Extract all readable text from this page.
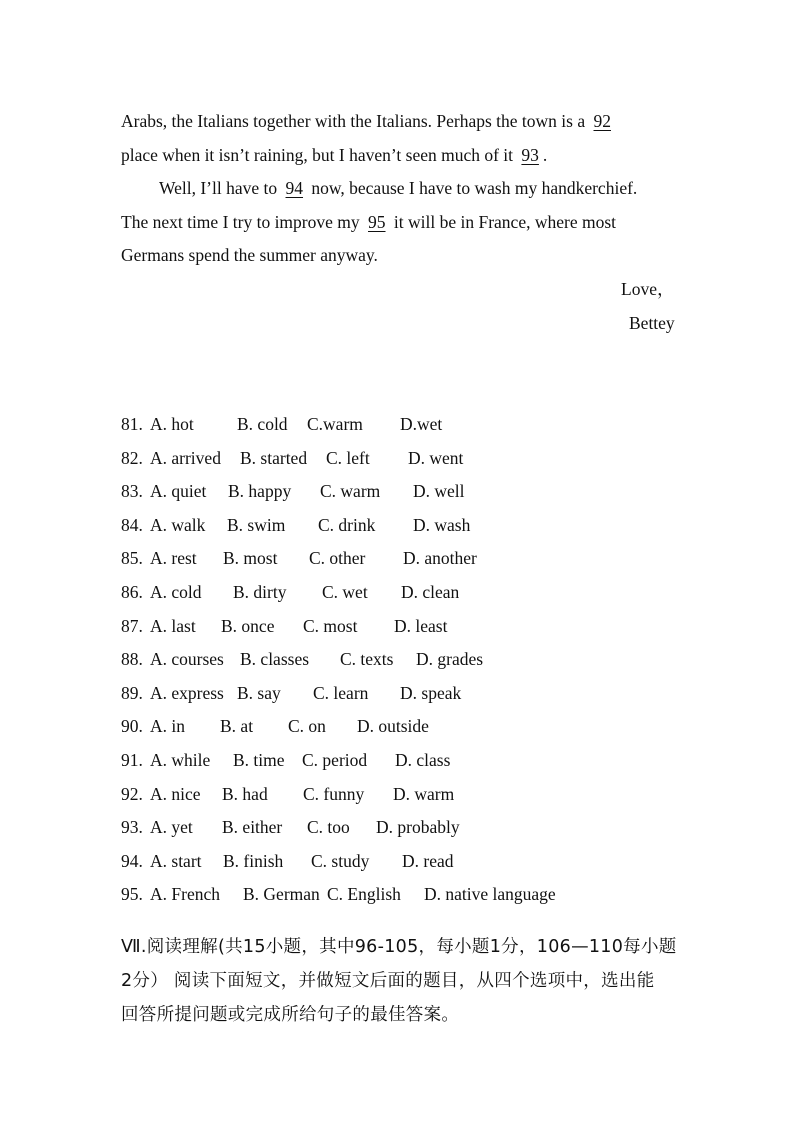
Arabs, the Italians together with the Italians. Perhaps the town is a 92
place when it isn’t raining, but I haven’t seen much of it 93 .
Well, I’ll have to 94 now, because I have to wash my handkerchief.
The next time I try to improve my 95 it will be in France, where most
Germans spend the summer anyway.
Love，
Bettey
81. A. hot B. cold C.warm D.wet
82. A. arrived B. started C. left D. went
83. A. quiet B. happy C. warm D. well
84. A. walk B. swim C. drink D. wash
85. A. rest B. most C. other D. another
86. A. cold B. dirty C. wet D. clean
87. A. last B. once C. most D. least
88. A. courses B. classes C. texts D. grades
89. A. express B. say C. learn D. speak
90. A. in B. at C. on D. outside
91. A. while B. time C. period D. class
92. A. nice B. had C. funny D. warm
93. A. yet B. either C. too D. probably
94. A. start B. finish C. study D. read
95. A. French B. German C. English D. native language
Ⅶ.阅读理解(共15小题，其中96-105，每小题1分，106—110每小题
2分） 阅读下面短文，并做短文后面的题目，从四个选项中，选出能
回答所提问题或完成所给句子的最佳答案。
